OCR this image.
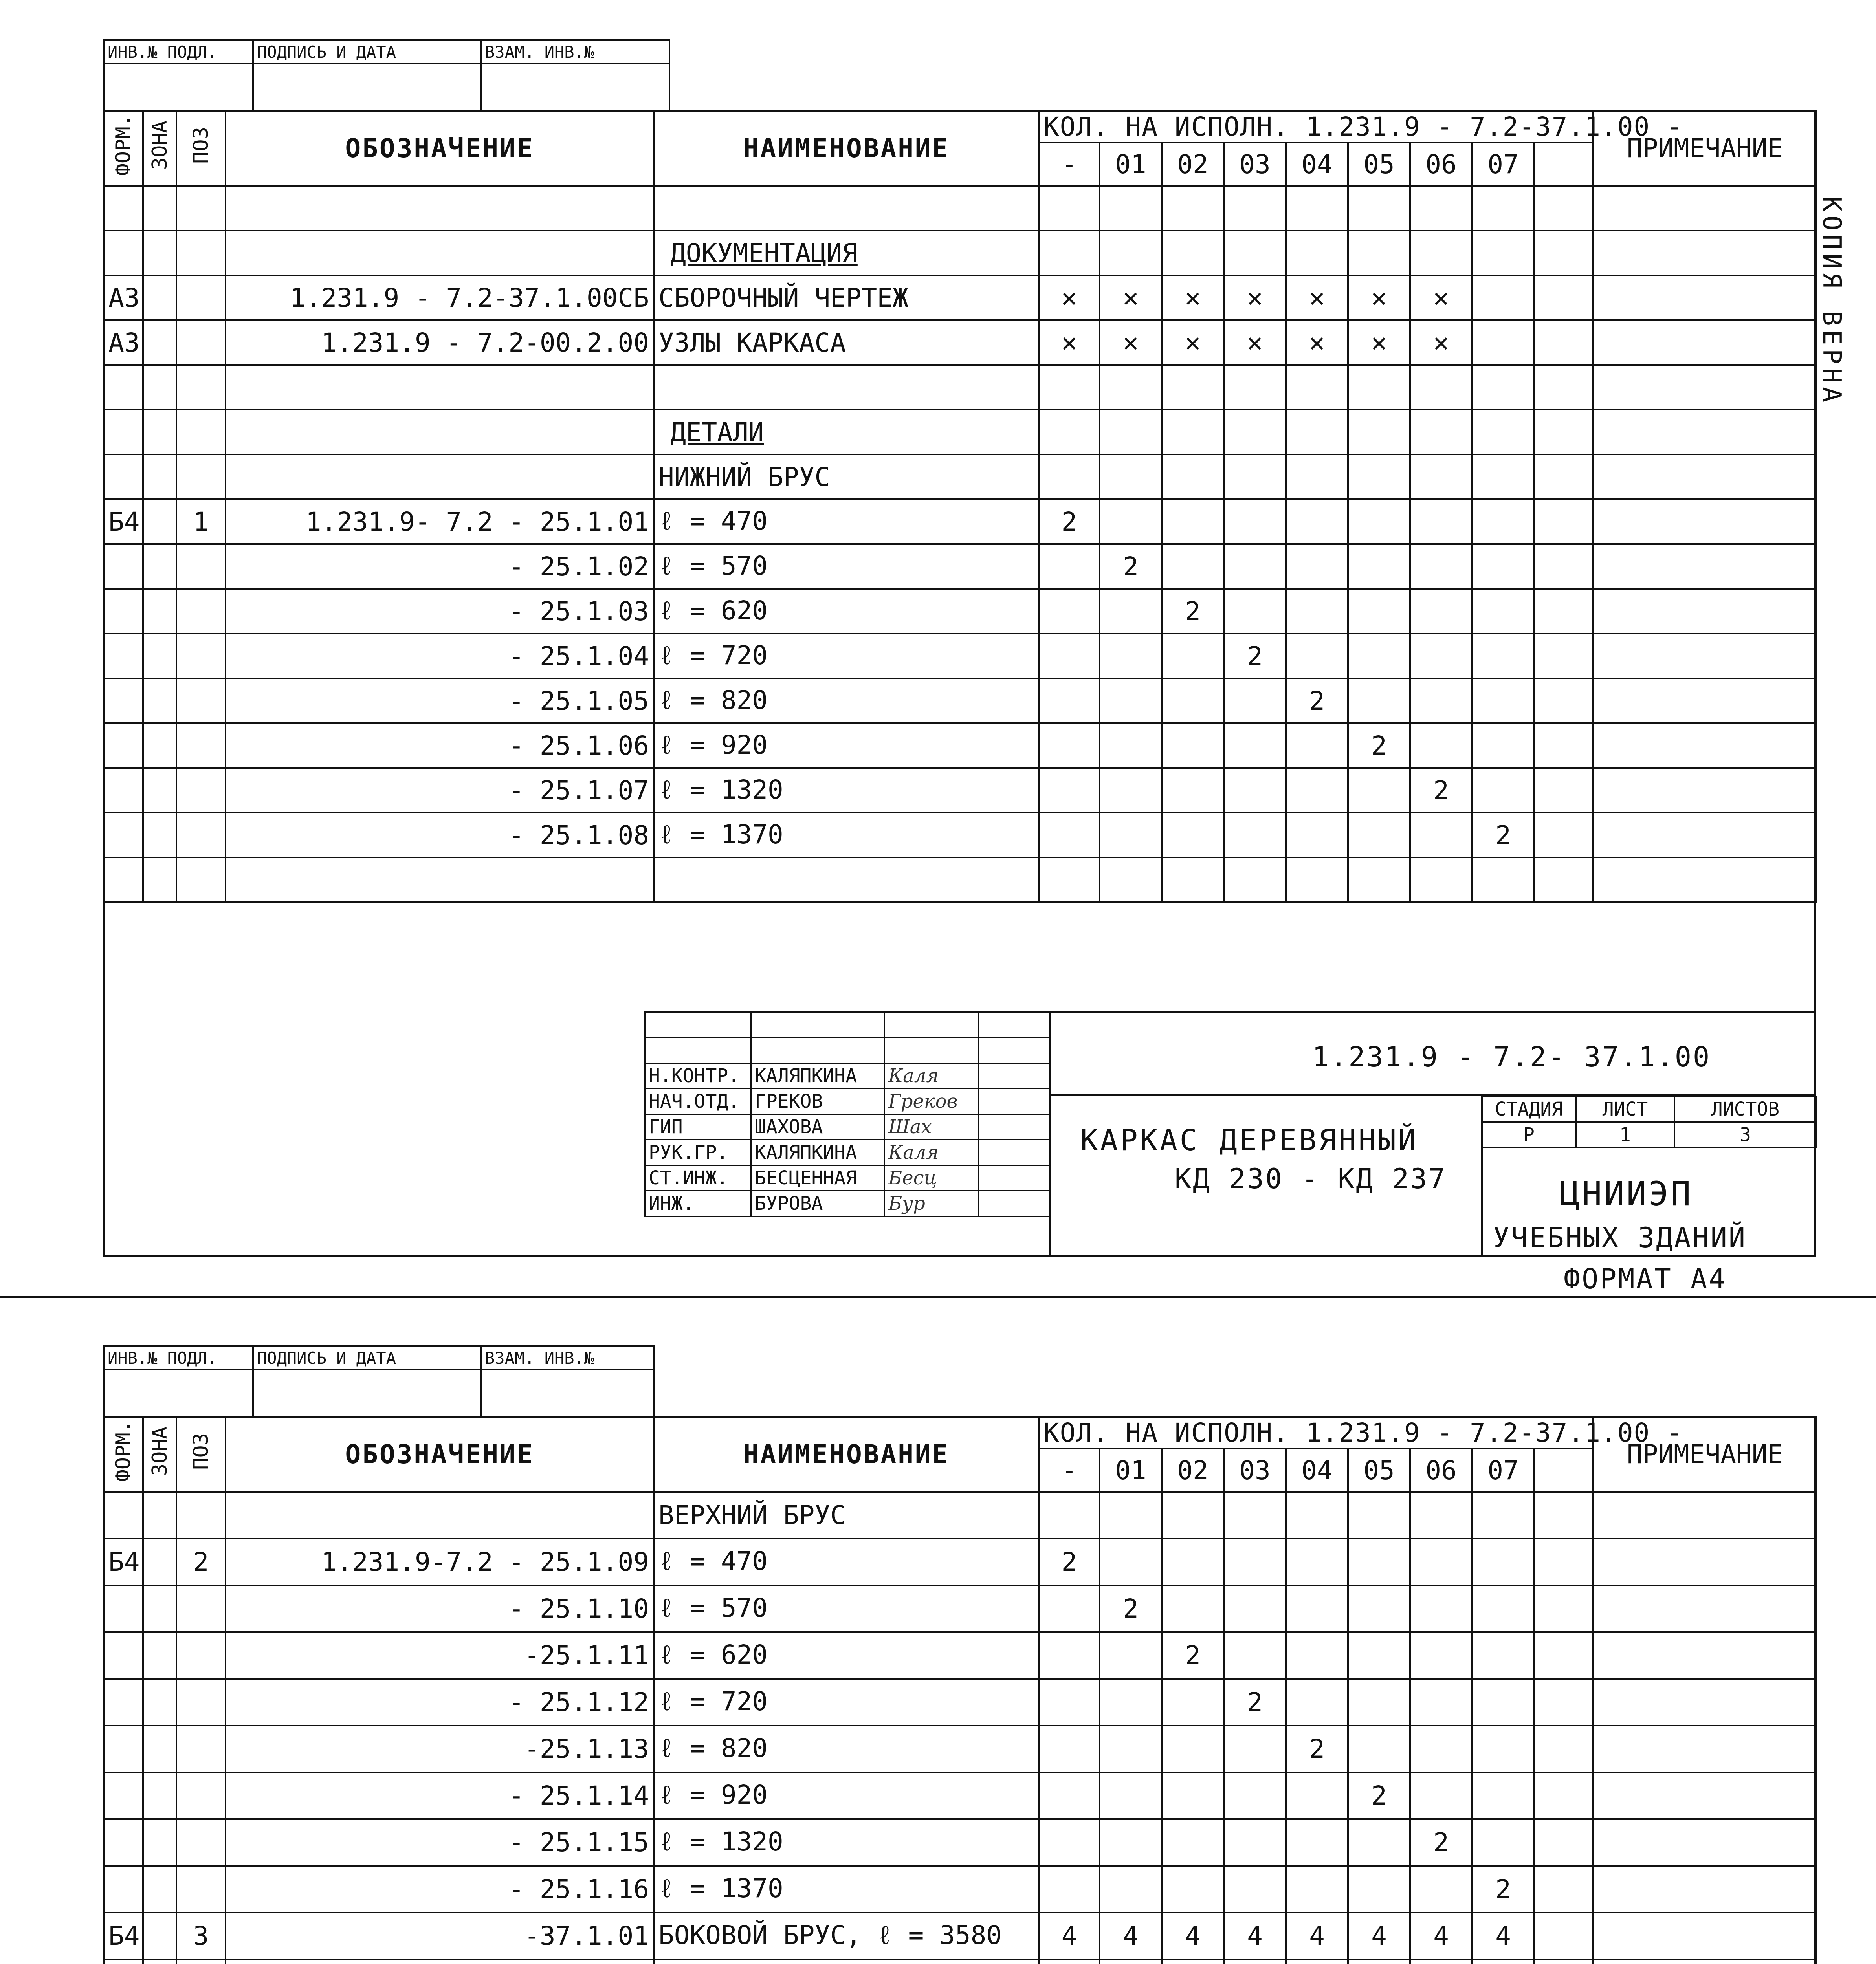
ИНВ.№ ПОДЛ.	ПОДПИСЬ И ДАТА	ВЗАМ. ИНВ.№

ФОРМ.	ЗОНА	ПОЗ	ОБОЗНАЧЕНИЕ	НАИМЕНОВАНИЕ	КОЛ. НА ИСПОЛН. 1.231.9 - 7.2-37.1.00 -									ПРИМЕЧАНИЕ
					-	01	02	03	04	05	06	07		

				ДОКУМЕНТАЦИЯ										
А3			1.231.9 - 7.2-37.1.00СБ	СБОРОЧНЫЙ ЧЕРТЕЖ	✕	✕	✕	✕	✕	✕	✕			
А3			1.231.9 - 7.2-00.2.00	УЗЛЫ КАРКАСА	✕	✕	✕	✕	✕	✕	✕			

				ДЕТАЛИ										
				НИЖНИЙ БРУС										
Б4		1	1.231.9- 7.2 - 25.1.01	ℓ = 470	2									
			- 25.1.02	ℓ = 570		2								
			- 25.1.03	ℓ = 620			2							
			- 25.1.04	ℓ = 720				2						
			- 25.1.05	ℓ = 820					2					
			- 25.1.06	ℓ = 920						2				
			- 25.1.07	ℓ = 1320							2			
			- 25.1.08	ℓ = 1370								2		

Н.КОНТР.	КАЛЯПКИНА	Каля	
НАЧ.ОТД.	ГРЕКОВ	Греков	
ГИП	ШАХОВА	Шах	
РУК.ГР.	КАЛЯПКИНА	Каля	
СТ.ИНЖ.	БЕСЦЕННАЯ	Бесц	
ИНЖ.	БУРОВА	Бур	
1.231.9 - 7.2- 37.1.00
СТАДИЯ	ЛИСТ	ЛИСТОВ
Р	1	3
КАРКАС ДЕРЕВЯННЫЙ
КД 230 - КД 237	ЦНИИЭП
УЧЕБНЫХ ЗДАНИЙ
ФОРМАТ А4
КОПИЯ ВЕРНА
ИНВ.№ ПОДЛ.	ПОДПИСЬ И ДАТА	ВЗАМ. ИНВ.№

ФОРМ.	ЗОНА	ПОЗ	ОБОЗНАЧЕНИЕ	НАИМЕНОВАНИЕ	КОЛ. НА ИСПОЛН. 1.231.9 - 7.2-37.1.00 -									ПРИМЕЧАНИЕ
					-	01	02	03	04	05	06	07		
				ВЕРХНИЙ БРУС										
Б4		2	1.231.9-7.2 - 25.1.09	ℓ = 470	2									
			- 25.1.10	ℓ = 570		2								
			-25.1.11	ℓ = 620			2							
			- 25.1.12	ℓ = 720				2						
			-25.1.13	ℓ = 820					2					
			- 25.1.14	ℓ = 920						2				
			- 25.1.15	ℓ = 1320							2			
			- 25.1.16	ℓ = 1370								2		
Б4		3	-37.1.01	БОКОВОЙ БРУС, ℓ = 3580	4	4	4	4	4	4	4	4		
